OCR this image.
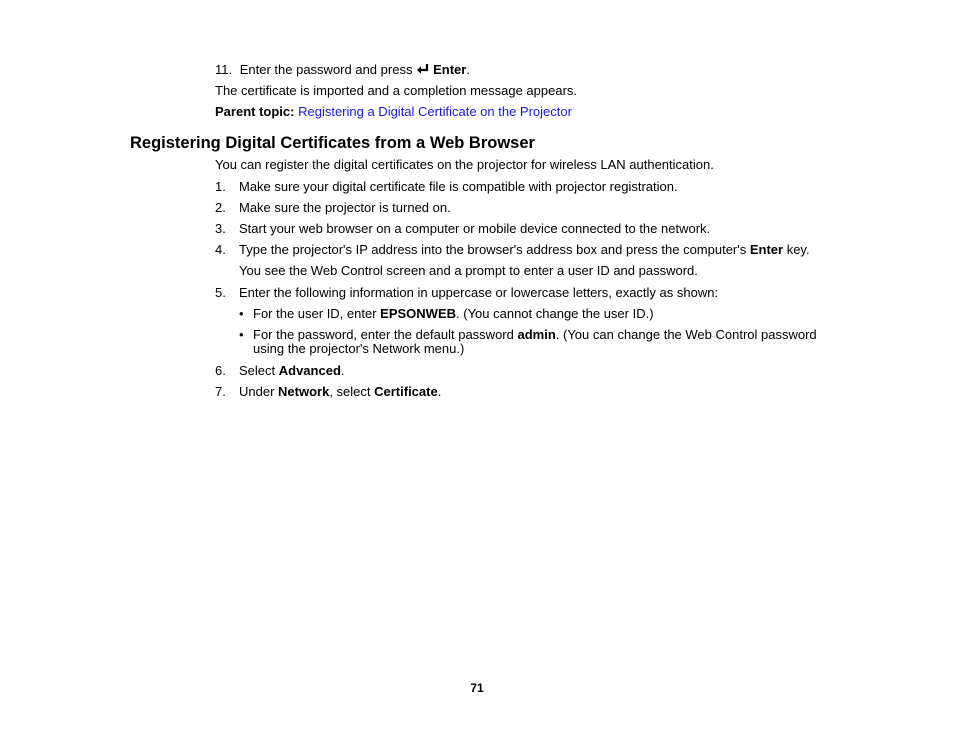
11. Enter the password and press Enter.
The certificate is imported and a completion message appears.
Parent topic: Registering a Digital Certificate on the Projector
Registering Digital Certificates from a Web Browser
You can register the digital certificates on the projector for wireless LAN authentication.
1.	Make sure your digital certificate file is compatible with projector registration.
2.	Make sure the projector is turned on.
3.	Start your web browser on a computer or mobile device connected to the network.
4.	Type the projector's IP address into the browser's address box and press the computer's Enter key.
You see the Web Control screen and a prompt to enter a user ID and password.
5.	Enter the following information in uppercase or lowercase letters, exactly as shown:
• For the user ID, enter EPSONWEB. (You cannot change the user ID.)
• For the password, enter the default password admin. (You can change the Web Control password
using the projector's Network menu.)
6.	Select Advanced.
7.	Under Network, select Certificate.
71
